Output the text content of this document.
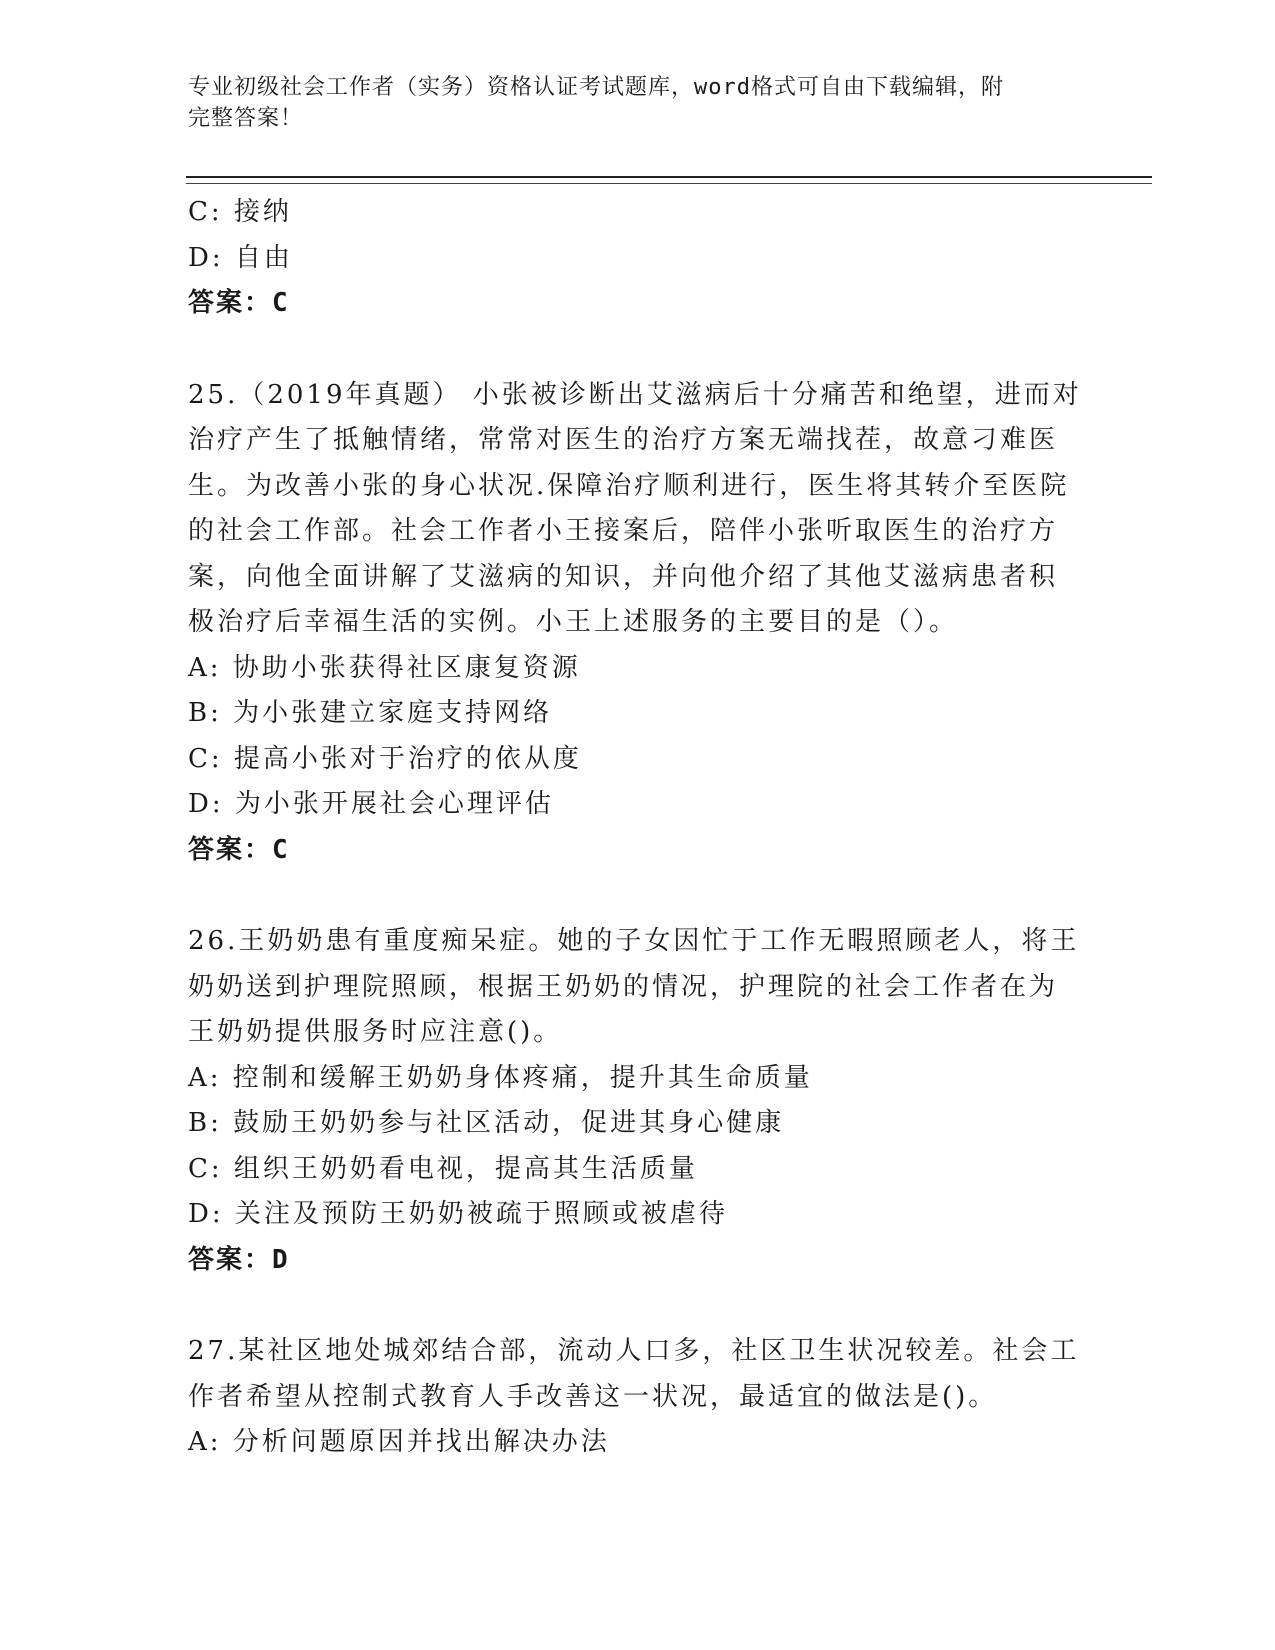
专业初级社会工作者（实务）资格认证考试题库，word格式可自由下载编辑，附
完整答案！
C: 接纳
D: 自由
答案：C
25.（2019年真题） 小张被诊断出艾滋病后十分痛苦和绝望，进而对
治疗产生了抵触情绪，常常对医生的治疗方案无端找茬，故意刁难医
生。为改善小张的身心状况.保障治疗顺利进行，医生将其转介至医院
的社会工作部。社会工作者小王接案后，陪伴小张听取医生的治疗方
案，向他全面讲解了艾滋病的知识，并向他介绍了其他艾滋病患者积
极治疗后幸福生活的实例。小王上述服务的主要目的是（）。
A: 协助小张获得社区康复资源
B: 为小张建立家庭支持网络
C: 提高小张对于治疗的依从度
D: 为小张开展社会心理评估
答案：C
26.王奶奶患有重度痴呆症。她的子女因忙于工作无暇照顾老人，将王
奶奶送到护理院照顾，根据王奶奶的情况，护理院的社会工作者在为
王奶奶提供服务时应注意()。
A: 控制和缓解王奶奶身体疼痛，提升其生命质量
B: 鼓励王奶奶参与社区活动，促进其身心健康
C: 组织王奶奶看电视，提高其生活质量
D: 关注及预防王奶奶被疏于照顾或被虐待
答案：D
27.某社区地处城郊结合部，流动人口多，社区卫生状况较差。社会工
作者希望从控制式教育人手改善这一状况，最适宜的做法是()。
A: 分析问题原因并找出解决办法
